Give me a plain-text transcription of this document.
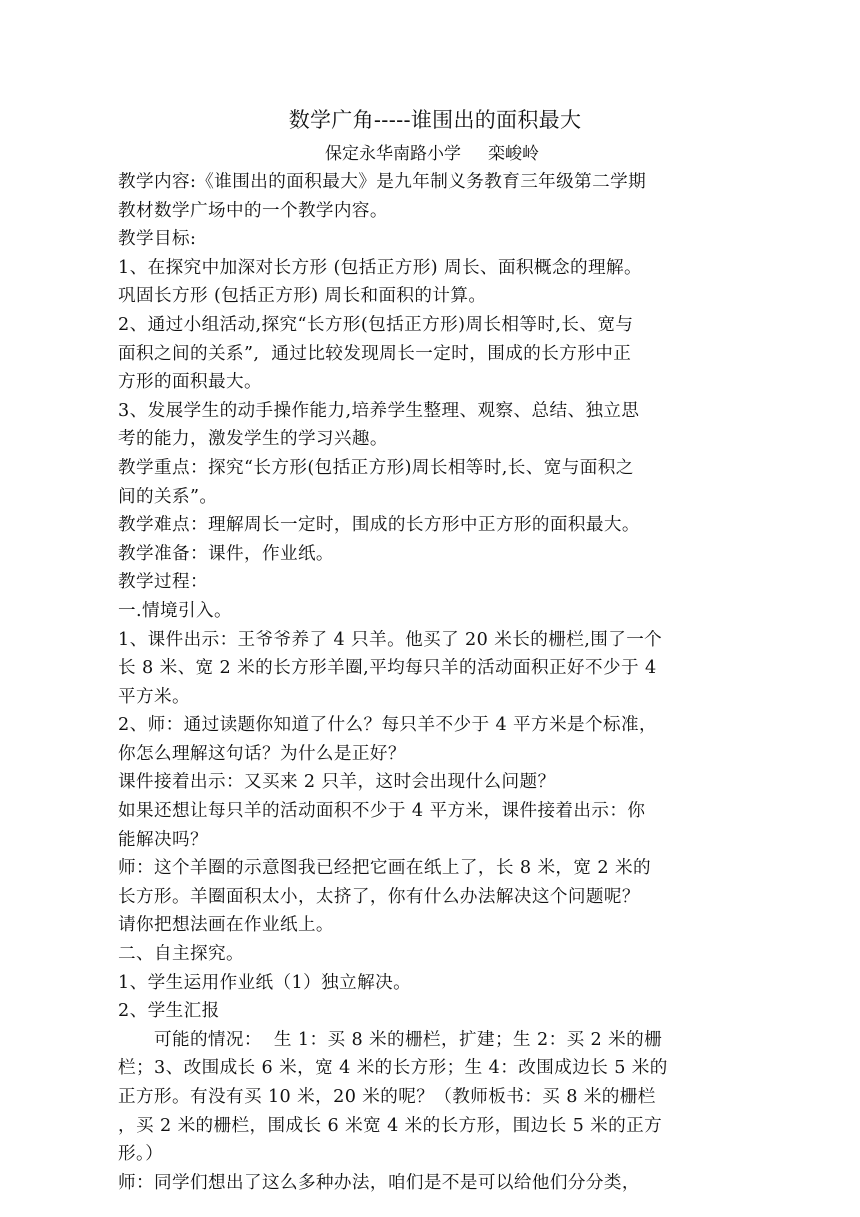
数学广角-----谁围出的面积最大
保定永华南路小学     栾峻岭
教学内容:《谁围出的面积最大》是九年制义务教育三年级第二学期
教材数学广场中的一个教学内容。
教学目标:
1、在探究中加深对长方形 (包括正方形) 周长、面积概念的理解。
巩固长方形 (包括正方形) 周长和面积的计算。
2、通过小组活动,探究“长方形(包括正方形)周长相等时,长、宽与
面积之间的关系”,  通过比较发现周长一定时，围成的长方形中正
方形的面积最大。
3、发展学生的动手操作能力,培养学生整理、观察、总结、独立思
考的能力，激发学生的学习兴趣。
教学重点：探究“长方形(包括正方形)周长相等时,长、宽与面积之
间的关系”。
教学难点：理解周长一定时，围成的长方形中正方形的面积最大。
教学准备：课件，作业纸。
教学过程：
一.情境引入。
1、课件出示：王爷爷养了 4 只羊。他买了 20 米长的栅栏,围了一个
长 8 米、宽 2 米的长方形羊圈,平均每只羊的活动面积正好不少于 4
平方米。
2、师：通过读题你知道了什么？每只羊不少于 4 平方米是个标准，
你怎么理解这句话？为什么是正好？
课件接着出示：又买来 2 只羊，这时会出现什么问题？
如果还想让每只羊的活动面积不少于 4 平方米，课件接着出示：你
能解决吗？
师：这个羊圈的示意图我已经把它画在纸上了，长 8 米，宽 2 米的
长方形。羊圈面积太小，太挤了，你有什么办法解决这个问题呢？
请你把想法画在作业纸上。
二、自主探究。
1、学生运用作业纸（1）独立解决。
2、学生汇报
可能的情况：  生 1：买 8 米的栅栏，扩建；生 2：买 2 米的栅
栏；3、改围成长 6 米，宽 4 米的长方形；生 4：改围成边长 5 米的
正方形。有没有买 10 米，20 米的呢？（教师板书：买 8 米的栅栏
，买 2 米的栅栏，围成长 6 米宽 4 米的长方形，围边长 5 米的正方
形。）
师：同学们想出了这么多种办法，咱们是不是可以给他们分分类，
